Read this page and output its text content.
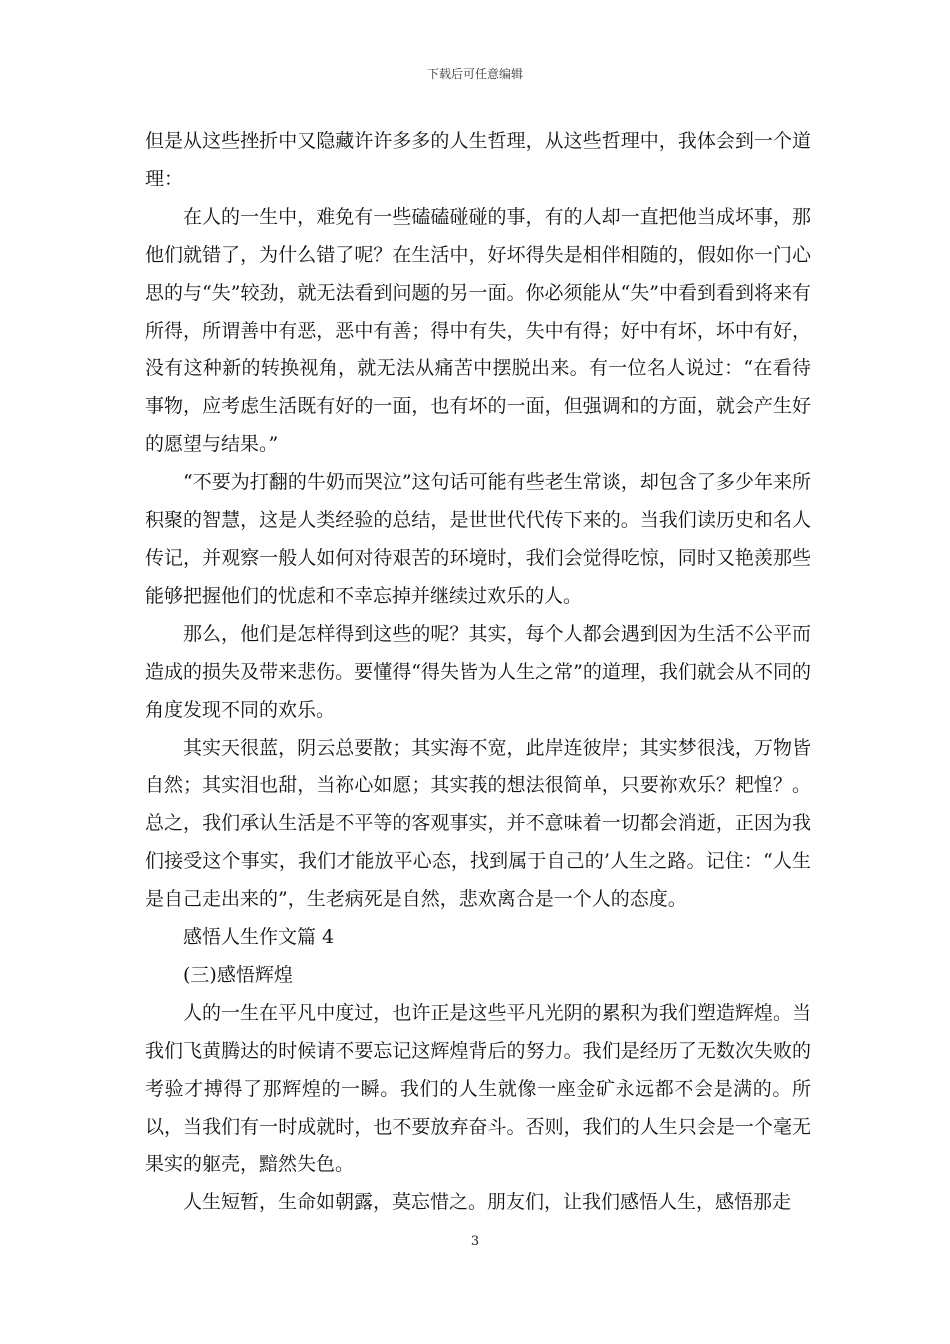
下载后可任意编辑

但是从这些挫折中又隐藏许许多多的人生哲理，从这些哲理中，我体会到一个道理：

在人的一生中，难免有一些磕磕碰碰的事，有的人却一直把他当成坏事，那他们就错了，为什么错了呢？在生活中，好坏得失是相伴相随的，假如你一门心思的与“失”较劲，就无法看到问题的另一面。你必须能从“失”中看到看到将来有所得，所谓善中有恶，恶中有善；得中有失，失中有得；好中有坏，坏中有好，没有这种新的转换视角，就无法从痛苦中摆脱出来。有一位名人说过：“在看待事物，应考虑生活既有好的一面，也有坏的一面，但强调和的方面，就会产生好的愿望与结果。”

“不要为打翻的牛奶而哭泣”这句话可能有些老生常谈，却包含了多少年来所积聚的智慧，这是人类经验的总结，是世世代代传下来的。当我们读历史和名人传记，并观察一般人如何对待艰苦的环境时，我们会觉得吃惊，同时又艳羡那些能够把握他们的忧虑和不幸忘掉并继续过欢乐的人。

那么，他们是怎样得到这些的呢？其实，每个人都会遇到因为生活不公平而造成的损失及带来悲伤。要懂得“得失皆为人生之常”的道理，我们就会从不同的角度发现不同的欢乐。

其实天很蓝，阴云总要散；其实海不宽，此岸连彼岸；其实梦很浅，万物皆自然；其实泪也甜，当祢心如愿；其实莪的想法很简单，只要祢欢乐？耙惶？。总之，我们承认生活是不平等的客观事实，并不意味着一切都会消逝，正因为我们接受这个事实，我们才能放平心态，找到属于自己的’人生之路。记住：“人生是自己走出来的”，生老病死是自然，悲欢离合是一个人的态度。

感悟人生作文篇 4

(三)感悟辉煌

人的一生在平凡中度过，也许正是这些平凡光阴的累积为我们塑造辉煌。当我们飞黄腾达的时候请不要忘记这辉煌背后的努力。我们是经历了无数次失败的考验才搏得了那辉煌的一瞬。我们的人生就像一座金矿永远都不会是满的。所以，当我们有一时成就时，也不要放弃奋斗。否则，我们的人生只会是一个毫无果实的躯壳，黯然失色。

人生短暂，生命如朝露，莫忘惜之。朋友们，让我们感悟人生，感悟那走

3
